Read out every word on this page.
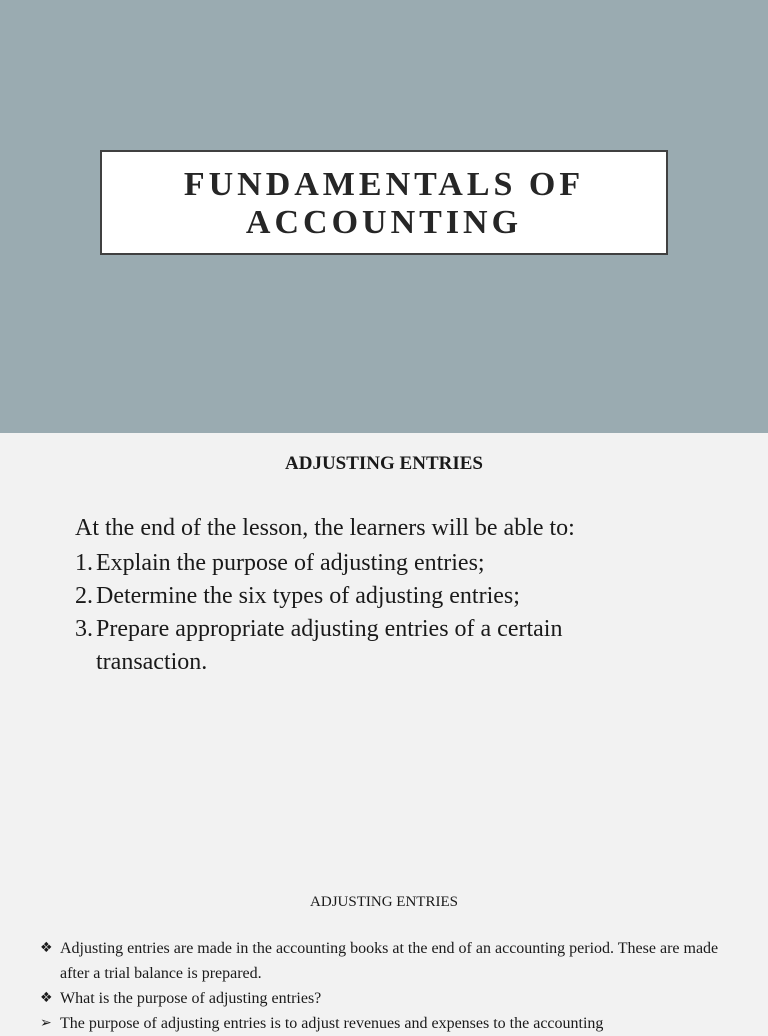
FUNDAMENTALS OF
ACCOUNTING
ADJUSTING ENTRIES
At the end of the lesson, the learners will be able to:
1. Explain the purpose of adjusting entries;
2. Determine the six types of adjusting entries;
3. Prepare appropriate adjusting entries of a certain transaction.
ADJUSTING ENTRIES
❖ Adjusting entries are made in the accounting books at the end of an accounting period. These are made after a trial balance is prepared.
❖ What is the purpose of adjusting entries?
➢ The purpose of adjusting entries is to adjust revenues and expenses to the accounting
